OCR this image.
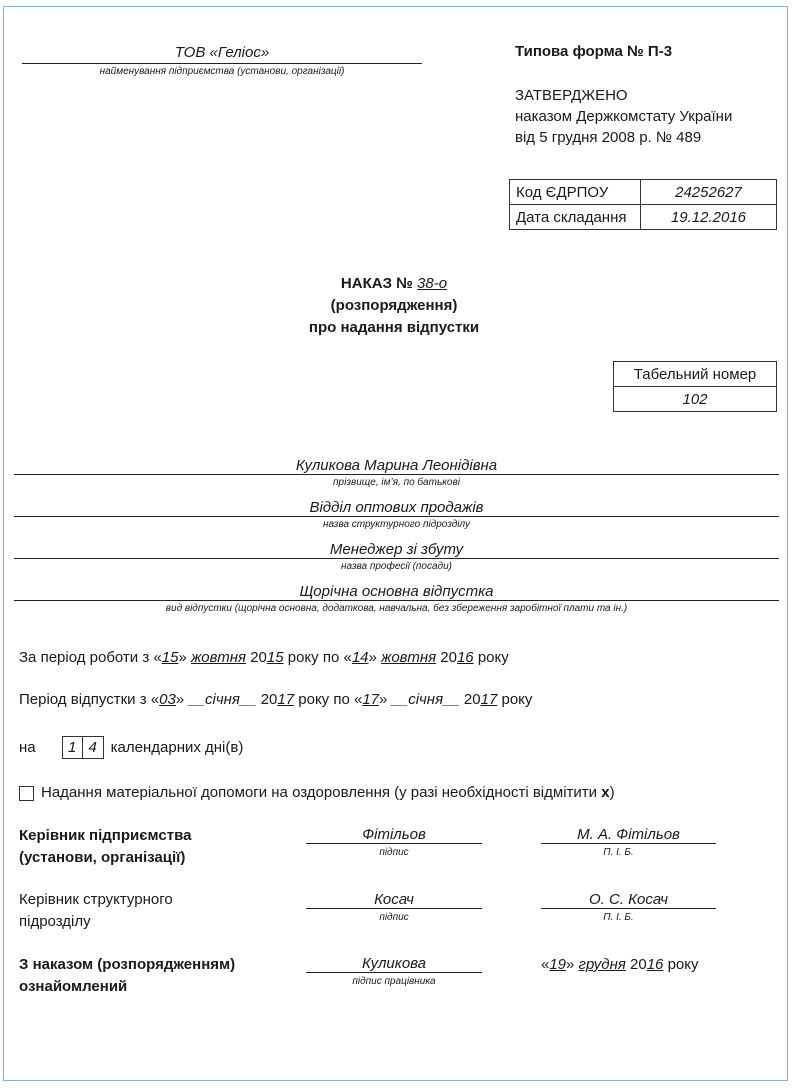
ТОВ «Геліос»
найменування підприємства (установи, організації)
Типова форма № П-3
ЗАТВЕРДЖЕНО
наказом Держкомстату України
від 5 грудня 2008 р. № 489
Код ЄДРПОУ	24252627
Дата складання	19.12.2016
НАКАЗ № 38-о
(розпорядження)
про надання відпустки
Табельний номер
102
Куликова Марина Леонідівна
прізвище, ім’я, по батькові
Відділ оптових продажів
назва структурного підрозділу
Менеджер зі збуту
назва професії (посади)
Щорічна основна відпустка
вид відпустки (щорічна основна, додаткова, навчальна, без збереження заробітної плати та ін.)
За період роботи з «15» жовтня 2015 року по «14» жовтня 2016 року
Період відпустки з «03» __січня__ 2017 року по «17» __січня__ 2017 року
на	1 4 календарних дні(в)
Надання матеріальної допомоги на оздоровлення (у разі необхідності відмітити х)
Керівник підприємства
(установи, організації)
Фітільов
підпис
М. А. Фітільов
П. І. Б.
Керівник структурного
підрозділу
Косач
підпис
О. С. Косач
П. І. Б.
З наказом (розпорядженням)
ознайомлений
Куликова
підпис працівника
«19» грудня 2016 року
